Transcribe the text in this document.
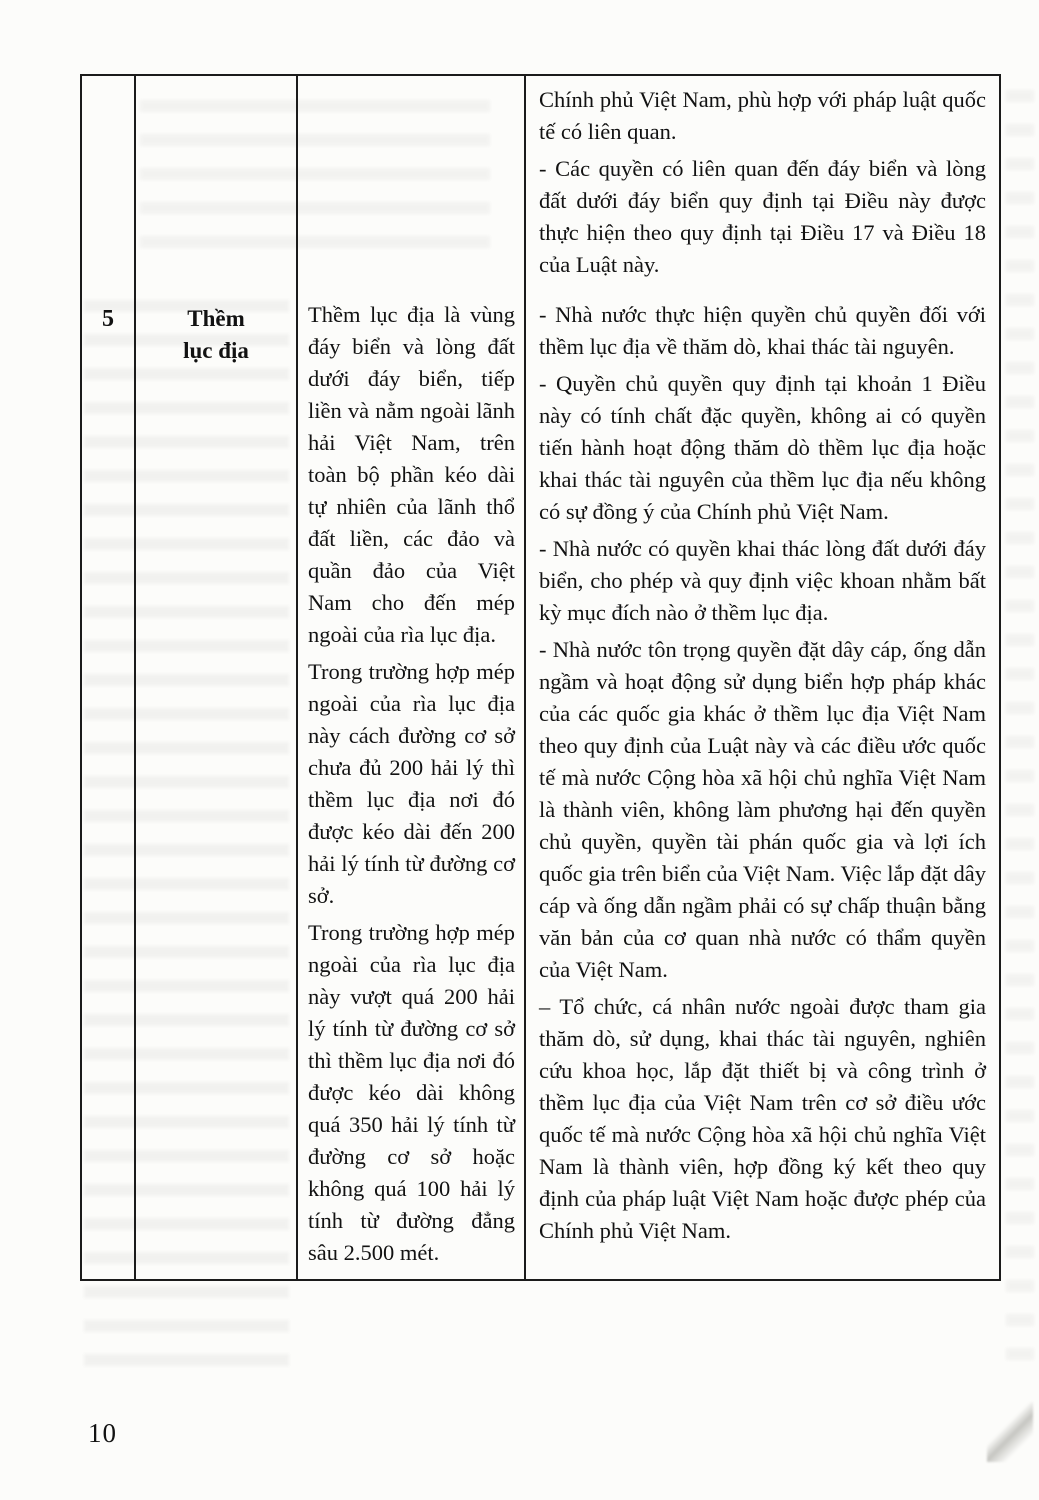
Chính phủ Việt Nam, phù hợp với pháp luật quốc tế có liên quan.

- Các quyền có liên quan đến đáy biển và lòng đất dưới đáy biển quy định tại Điều này được thực hiện theo quy định tại Điều 17 và Điều 18 của Luật này.

5	Thềm lục địa

Thềm lục địa là vùng đáy biển và lòng đất dưới đáy biển, tiếp liền và nằm ngoài lãnh hải Việt Nam, trên toàn bộ phần kéo dài tự nhiên của lãnh thổ đất liền, các đảo và quần đảo của Việt Nam cho đến mép ngoài của rìa lục địa.

Trong trường hợp mép ngoài của rìa lục địa này cách đường cơ sở chưa đủ 200 hải lý thì thềm lục địa nơi đó được kéo dài đến 200 hải lý tính từ đường cơ sở.

Trong trường hợp mép ngoài của rìa lục địa này vượt quá 200 hải lý tính từ đường cơ sở thì thềm lục địa nơi đó được kéo dài không quá 350 hải lý tính từ đường cơ sở hoặc không quá 100 hải lý tính từ đường đẳng sâu 2.500 mét.

- Nhà nước thực hiện quyền chủ quyền đối với thềm lục địa về thăm dò, khai thác tài nguyên.

- Quyền chủ quyền quy định tại khoản 1 Điều này có tính chất đặc quyền, không ai có quyền tiến hành hoạt động thăm dò thềm lục địa hoặc khai thác tài nguyên của thềm lục địa nếu không có sự đồng ý của Chính phủ Việt Nam.

- Nhà nước có quyền khai thác lòng đất dưới đáy biển, cho phép và quy định việc khoan nhằm bất kỳ mục đích nào ở thềm lục địa.

- Nhà nước tôn trọng quyền đặt dây cáp, ống dẫn ngầm và hoạt động sử dụng biển hợp pháp khác của các quốc gia khác ở thềm lục địa Việt Nam theo quy định của Luật này và các điều ước quốc tế mà nước Cộng hòa xã hội chủ nghĩa Việt Nam là thành viên, không làm phương hại đến quyền chủ quyền, quyền tài phán quốc gia và lợi ích quốc gia trên biển của Việt Nam. Việc lắp đặt dây cáp và ống dẫn ngầm phải có sự chấp thuận bằng văn bản của cơ quan nhà nước có thẩm quyền của Việt Nam.

– Tổ chức, cá nhân nước ngoài được tham gia thăm dò, sử dụng, khai thác tài nguyên, nghiên cứu khoa học, lắp đặt thiết bị và công trình ở thềm lục địa của Việt Nam trên cơ sở điều ước quốc tế mà nước Cộng hòa xã hội chủ nghĩa Việt Nam là thành viên, hợp đồng ký kết theo quy định của pháp luật Việt Nam hoặc được phép của Chính phủ Việt Nam.

10
